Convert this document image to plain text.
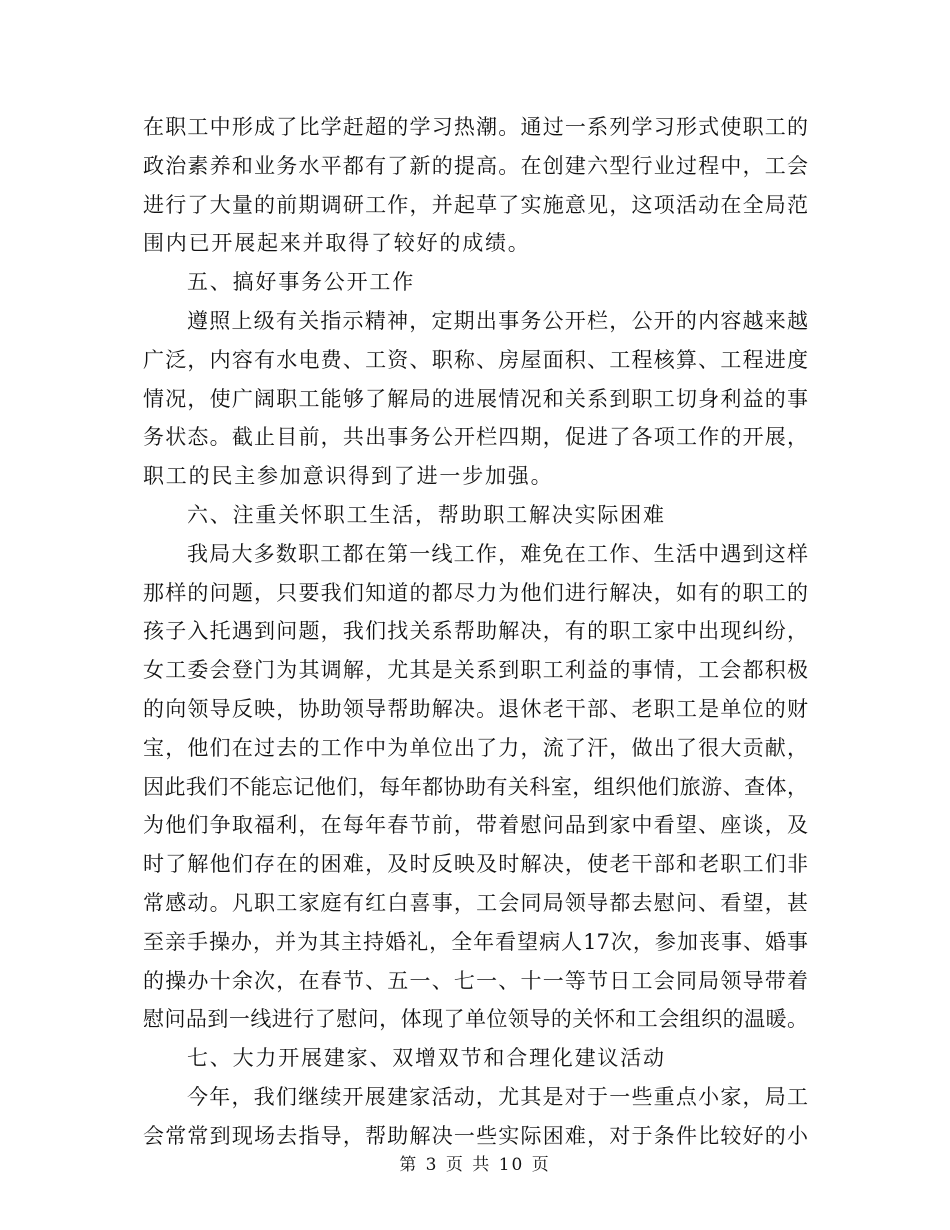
在职工中形成了比学赶超的学习热潮。通过一系列学习形式使职工的
政治素养和业务水平都有了新的提高。在创建六型行业过程中，工会
进行了大量的前期调研工作，并起草了实施意见，这项活动在全局范
围内已开展起来并取得了较好的成绩。
五、搞好事务公开工作
遵照上级有关指示精神，定期出事务公开栏，公开的内容越来越
广泛，内容有水电费、工资、职称、房屋面积、工程核算、工程进度
情况，使广阔职工能够了解局的进展情况和关系到职工切身利益的事
务状态。截止目前，共出事务公开栏四期，促进了各项工作的开展，
职工的民主参加意识得到了进一步加强。
六、注重关怀职工生活，帮助职工解决实际困难
我局大多数职工都在第一线工作，难免在工作、生活中遇到这样
那样的问题，只要我们知道的都尽力为他们进行解决，如有的职工的
孩子入托遇到问题，我们找关系帮助解决，有的职工家中出现纠纷，
女工委会登门为其调解，尤其是关系到职工利益的事情，工会都积极
的向领导反映，协助领导帮助解决。退休老干部、老职工是单位的财
宝，他们在过去的工作中为单位出了力，流了汗，做出了很大贡献，
因此我们不能忘记他们，每年都协助有关科室，组织他们旅游、查体，
为他们争取福利，在每年春节前，带着慰问品到家中看望、座谈，及
时了解他们存在的困难，及时反映及时解决，使老干部和老职工们非
常感动。凡职工家庭有红白喜事，工会同局领导都去慰问、看望，甚
至亲手操办，并为其主持婚礼，全年看望病人17次，参加丧事、婚事
的操办十余次，在春节、五一、七一、十一等节日工会同局领导带着
慰问品到一线进行了慰问，体现了单位领导的关怀和工会组织的温暖。
七、大力开展建家、双增双节和合理化建议活动
今年，我们继续开展建家活动，尤其是对于一些重点小家，局工
会常常到现场去指导，帮助解决一些实际困难，对于条件比较好的小
第 3 页 共 10 页
